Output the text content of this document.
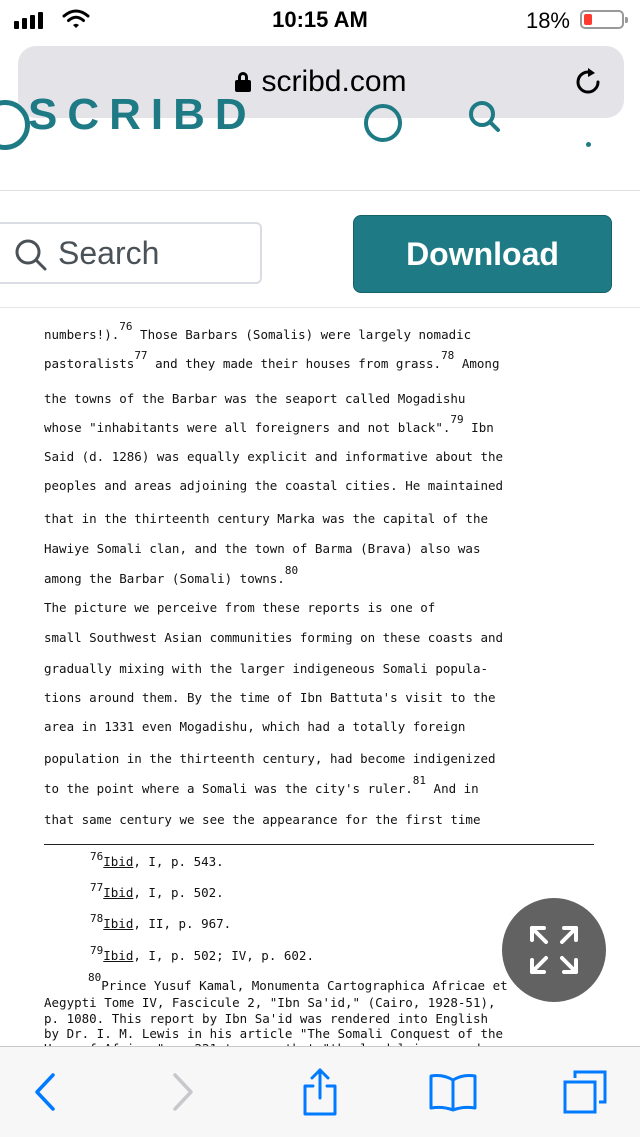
10:15 AM	18%
scribd.com
SCRIBD
Search
Download
numbers!).76 Those Barbars (Somalis) were largely nomadic
pastoralists77 and they made their houses from grass.78 Among
the towns of the Barbar was the seaport called Mogadishu
whose "inhabitants were all foreigners and not black".79 Ibn
Said (d. 1286) was equally explicit and informative about the
peoples and areas adjoining the coastal cities. He maintained
that in the thirteenth century Marka was the capital of the
Hawiye Somali clan, and the town of Barma (Brava) also was
among the Barbar (Somali) towns.80
The picture we perceive from these reports is one of
small Southwest Asian communities forming on these coasts and
gradually mixing with the larger indigeneous Somali popula-
tions around them. By the time of Ibn Battuta's visit to the
area in 1331 even Mogadishu, which had a totally foreign
population in the thirteenth century, had become indigenized
to the point where a Somali was the city's ruler.81 And in
that same century we see the appearance for the first time
76Ibid, I, p. 543.
77Ibid, I, p. 502.
78Ibid, II, p. 967.
79Ibid, I, p. 502; IV, p. 602.
80Prince Yusuf Kamal, Monumenta Cartographica Africae et
Aegypti Tome IV, Fascicule 2, "Ibn Sa'id," (Cairo, 1928-51),
p. 1080. This report by Ibn Sa'id was rendered into English
by Dr. I. M. Lewis in his article "The Somali Conquest of the
